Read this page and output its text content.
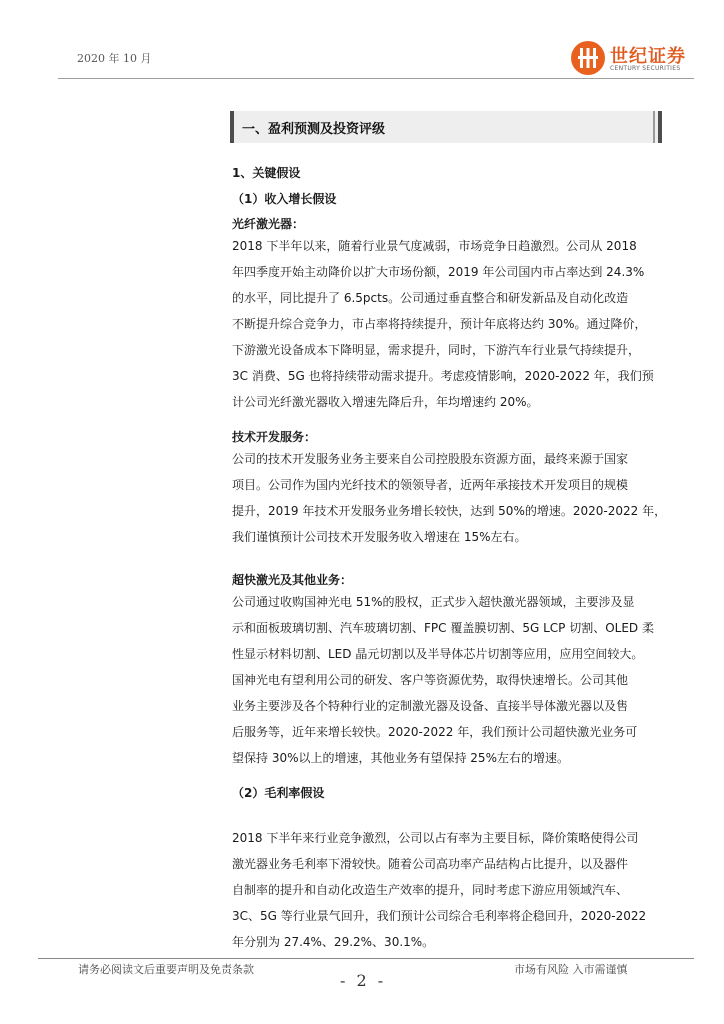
2020 年 10 月	世纪证券
CENTURY SECURITIES
一、盈利预测及投资评级
1、关键假设
（1）收入增长假设
光纤激光器：
2018 下半年以来，随着行业景气度减弱，市场竞争日趋激烈。公司从 2018
年四季度开始主动降价以扩大市场份额，2019 年公司国内市占率达到 24.3%
的水平，同比提升了 6.5pcts。公司通过垂直整合和研发新品及自动化改造
不断提升综合竞争力，市占率将持续提升，预计年底将达约 30%。通过降价，
下游激光设备成本下降明显，需求提升，同时，下游汽车行业景气持续提升，
3C 消费、5G 也将持续带动需求提升。考虑疫情影响，2020-2022 年，我们预
计公司光纤激光器收入增速先降后升，年均增速约 20%。
技术开发服务：
公司的技术开发服务业务主要来自公司控股股东资源方面，最终来源于国家
项目。公司作为国内光纤技术的领领导者，近两年承接技术开发项目的规模
提升，2019 年技术开发服务业务增长较快，达到 50%的增速。2020-2022 年，
我们谨慎预计公司技术开发服务收入增速在 15%左右。
超快激光及其他业务：
公司通过收购国神光电 51%的股权，正式步入超快激光器领域，主要涉及显
示和面板玻璃切割、汽车玻璃切割、FPC 覆盖膜切割、5G LCP 切割、OLED 柔
性显示材料切割、LED 晶元切割以及半导体芯片切割等应用，应用空间较大。
国神光电有望利用公司的研发、客户等资源优势，取得快速增长。公司其他
业务主要涉及各个特种行业的定制激光器及设备、直接半导体激光器以及售
后服务等，近年来增长较快。2020-2022 年，我们预计公司超快激光业务可
望保持 30%以上的增速，其他业务有望保持 25%左右的增速。
（2）毛利率假设
2018 下半年来行业竞争激烈，公司以占有率为主要目标，降价策略使得公司
激光器业务毛利率下滑较快。随着公司高功率产品结构占比提升，以及器件
自制率的提升和自动化改造生产效率的提升，同时考虑下游应用领域汽车、
3C、5G 等行业景气回升，我们预计公司综合毛利率将企稳回升，2020-2022
年分别为 27.4%、29.2%、30.1%。
请务必阅读文后重要声明及免责条款	市场有风险 入市需谨慎
- 2 -
